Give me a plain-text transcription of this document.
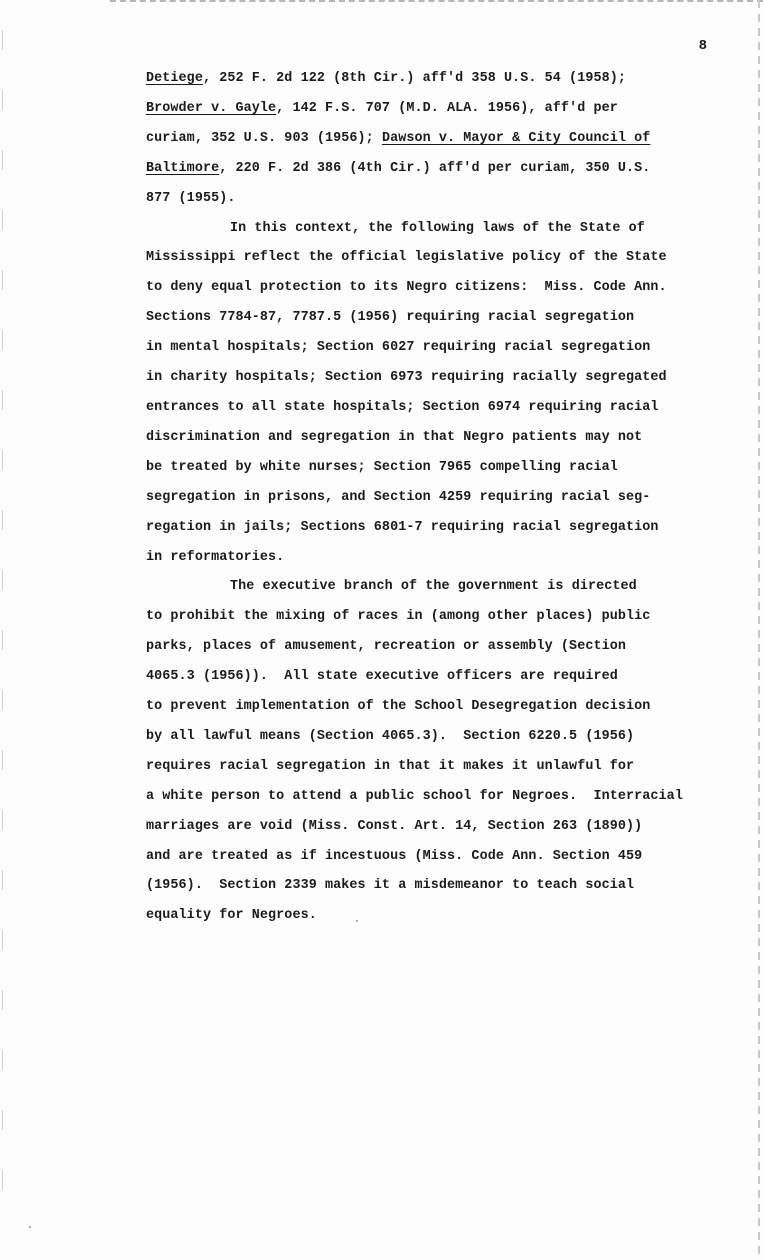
8
Detiege, 252 F. 2d 122 (8th Cir.) aff'd 358 U.S. 54 (1958);
Browder v. Gayle, 142 F.S. 707 (M.D. ALA. 1956), aff'd per
curiam, 352 U.S. 903 (1956); Dawson v. Mayor & City Council of
Baltimore, 220 F. 2d 386 (4th Cir.) aff'd per curiam, 350 U.S.
877 (1955).
In this context, the following laws of the State of
Mississippi reflect the official legislative policy of the State
to deny equal protection to its Negro citizens:  Miss. Code Ann.
Sections 7784-87, 7787.5 (1956) requiring racial segregation
in mental hospitals; Section 6027 requiring racial segregation
in charity hospitals; Section 6973 requiring racially segregated
entrances to all state hospitals; Section 6974 requiring racial
discrimination and segregation in that Negro patients may not
be treated by white nurses; Section 7965 compelling racial
segregation in prisons, and Section 4259 requiring racial seg-
regation in jails; Sections 6801-7 requiring racial segregation
in reformatories.
The executive branch of the government is directed
to prohibit the mixing of races in (among other places) public
parks, places of amusement, recreation or assembly (Section
4065.3 (1956)).  All state executive officers are required
to prevent implementation of the School Desegregation decision
by all lawful means (Section 4065.3).  Section 6220.5 (1956)
requires racial segregation in that it makes it unlawful for
a white person to attend a public school for Negroes.  Interracial
marriages are void (Miss. Const. Art. 14, Section 263 (1890))
and are treated as if incestuous (Miss. Code Ann. Section 459
(1956).  Section 2339 makes it a misdemeanor to teach social
equality for Negroes.
